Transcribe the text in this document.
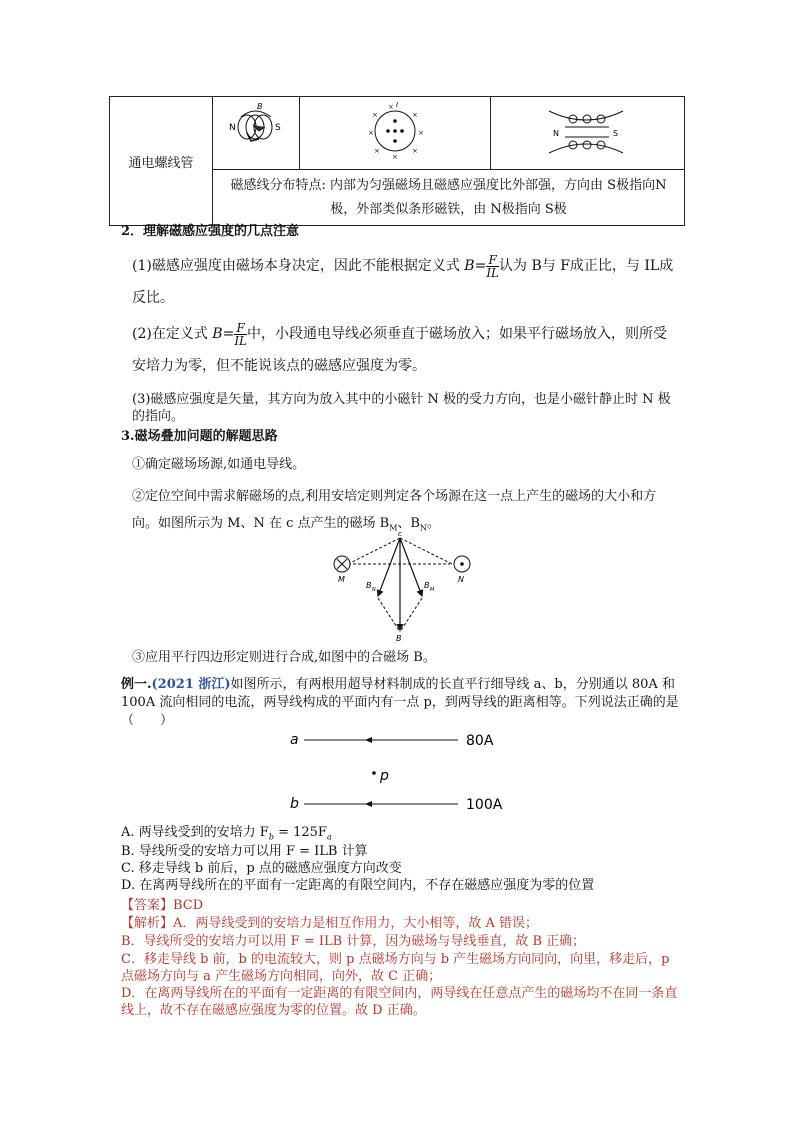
通电螺线管	
B
N	S

I
×	×
×	×
×	×
×
×

N	S

磁感线分布特点: 内部为匀强磁场且磁感应强度比外部强，方向由 S极指向N极，外部类似条形磁铁，由 N极指向 S极
2．理解磁感应强度的几点注意
(1)磁感应强度由磁场本身决定，因此不能根据定义式 $B= \frac{F}{IL}$ 认为 B与 F成正比，与 IL成反比。
(2)在定义式 $B= \frac{F}{IL}$ 中，小段通电导线必须垂直于磁场放入；如果平行磁场放入，则所受安培力为零，但不能说该点的磁感应强度为零。
(3)磁感应强度是矢量，其方向为放入其中的小磁针 N 极的受力方向，也是小磁针静止时 N 极的指向。
3.磁场叠加问题的解题思路
①确定磁场场源,如通电导线。
②定位空间中需求解磁场的点,利用安培定则判定各个场源在这一点上产生的磁场的大小和方向。如图所示为 M、N 在 c 点产生的磁场 $B_M$、$B_N$。
c
M	N
B N	B M
B
③应用平行四边形定则进行合成,如图中的合磁场 B。
例一.(2021 浙江)如图所示，有两根用超导材料制成的长直平行细导线 a、b，分别通以 80A 和 100A 流向相同的电流，两导线构成的平面内有一点 p，到两导线的距离相等。下列说法正确的是（　　）
a	80A
p
b	100A
A. 两导线受到的安培力 $F_b = 125F_a$
B. 导线所受的安培力可以用 F = ILB 计算
C. 移走导线 b 前后，p 点的磁感应强度方向改变
D. 在离两导线所在的平面有一定距离的有限空间内，不存在磁感应强度为零的位置
【答案】BCD
【解析】A．两导线受到的安培力是相互作用力，大小相等，故 A 错误；
B．导线所受的安培力可以用 F = ILB 计算，因为磁场与导线垂直，故 B 正确；
C．移走导线 b 前，b 的电流较大，则 p 点磁场方向与 b 产生磁场方向同向，向里，移走后，p 点磁场方向与 a 产生磁场方向相同，向外，故 C 正确；
D．在离两导线所在的平面有一定距离的有限空间内，两导线在任意点产生的磁场均不在同一条直线上，故不存在磁感应强度为零的位置。故 D 正确。
